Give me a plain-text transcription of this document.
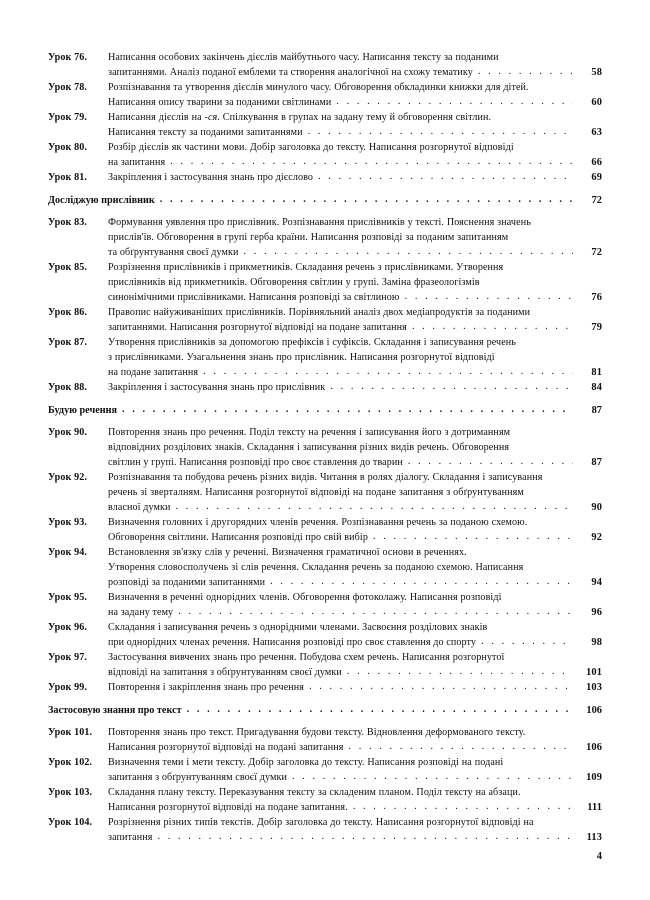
Урок 76.	Написання особових закінчень дієслів майбутнього часу. Написання тексту за поданими
запитаннями. Аналіз поданої емблеми та створення аналогічної на схожу тематику . . .	58
Урок 78.	Розпізнавання та утворення дієслів минулого часу. Обговорення обкладинки книжки для дітей.
Написання опису тварини за поданими світлинами . . .	60
Урок 79.	Написання дієслів на -ся. Спілкування в групах на задану тему й обговорення світлин.
Написання тексту за поданими запитаннями . . .	63
Урок 80.	Розбір дієслів як частини мови. Добір заголовка до тексту. Написання розгорнутої відповіді
на запитання . . .	66
Урок 81.	Закріплення і застосування знань про дієслово . . .	69
Досліджую прислівник . . .	72
Урок 83.	Формування уявлення про прислівник. Розпізнавання прислівників у тексті. Пояснення значень
прислів'їв. Обговорення в групі герба країни. Написання розповіді за поданим запитанням
та обґрунтування своєї думки . . .	72
Урок 85.	Розрізнення прислівників і прикметників. Складання речень з прислівниками. Утворення
прислівників від прикметників. Обговорення світлин у групі. Заміна фразеологізмів
синонімічними прислівниками. Написання розповіді за світлиною . . .	76
Урок 86.	Правопис найуживаніших прислівників. Порівняльний аналіз двох медіапродуктів за поданими
запитаннями. Написання розгорнутої відповіді на подане запитання . . .	79
Урок 87.	Утворення прислівників за допомогою префіксів і суфіксів. Складання і записування речень
з прислівниками. Узагальнення знань про прислівник. Написання розгорнутої відповіді
на подане запитання . . .	81
Урок 88.	Закріплення і застосування знань про прислівник . . .	84
Будую речення . . .	87
Урок 90.	Повторення знань про речення. Поділ тексту на речення і записування його з дотриманням
відповідних розділових знаків. Складання і записування різних видів речень. Обговорення
світлин у групі. Написання розповіді про своє ставлення до тварин . . .	87
Урок 92.	Розпізнавання та побудова речень різних видів. Читання в ролях діалогу. Складання і записування
речень зі зверталням. Написання розгорнутої відповіді на подане запитання з обґрунтуванням
власної думки . . .	90
Урок 93.	Визначення головних і другорядних членів речення. Розпізнавання речень за поданою схемою.
Обговорення світлини. Написання розповіді про свій вибір . . .	92
Урок 94.	Встановлення зв'язку слів у реченні. Визначення граматичної основи в реченнях.
Утворення словосполучень зі слів речення. Складання речень за поданою схемою. Написання
розповіді за поданими запитаннями . . .	94
Урок 95.	Визначення в реченні однорідних членів. Обговорення фотоколажу. Написання розповіді
на задану тему . . .	96
Урок 96.	Складання і записування речень з однорідними членами. Засвоєння розділових знаків
при однорідних членах речення. Написання розповіді про своє ставлення до спорту . . .	98
Урок 97.	Застосування вивчених знань про речення. Побудова схем речень. Написання розгорнутої
відповіді на запитання з обґрунтуванням своєї думки . . .	101
Урок 99.	Повторення і закріплення знань про речення . . .	103
Застосовую знання про текст . . .	106
Урок 101.	Повторення знань про текст. Пригадування будови тексту. Відновлення деформованого тексту.
Написання розгорнутої відповіді на подані запитання . . .	106
Урок 102.	Визначення теми і мети тексту. Добір заголовка до тексту. Написання розповіді на подані
запитання з обґрунтуванням своєї думки . . .	109
Урок 103.	Складання плану тексту. Переказування тексту за складеним планом. Поділ тексту на абзаци.
Написання розгорнутої відповіді на подане запитання. . . .	111
Урок 104.	Розрізнення різних типів текстів. Добір заголовка до тексту. Написання розгорнутої відповіді на
запитання . . .	113
4
